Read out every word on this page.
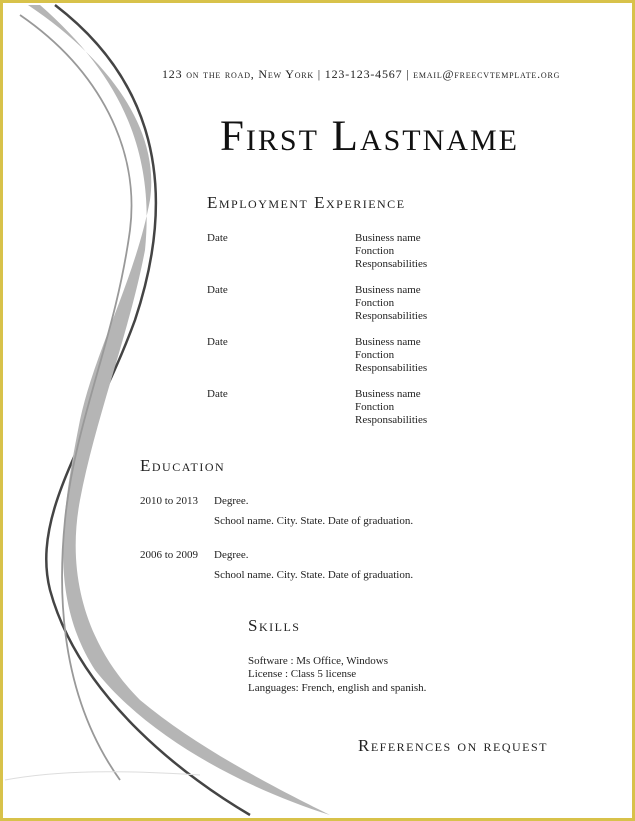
123 on the road, New York | 123-123-4567 | email@freecvtemplate.org
First Lastname
Employment Experience
Date	Business name
Fonction
Responsabilities
Date	Business name
Fonction
Responsabilities
Date	Business name
Fonction
Responsabilities
Date	Business name
Fonction
Responsabilities
Education
2010 to 2013 Degree.
School name. City. State. Date of graduation.
2006 to 2009 Degree.
School name. City. State. Date of graduation.
Skills
Software : Ms Office, Windows
License : Class 5 license
Languages: French, english and spanish.
References on request
